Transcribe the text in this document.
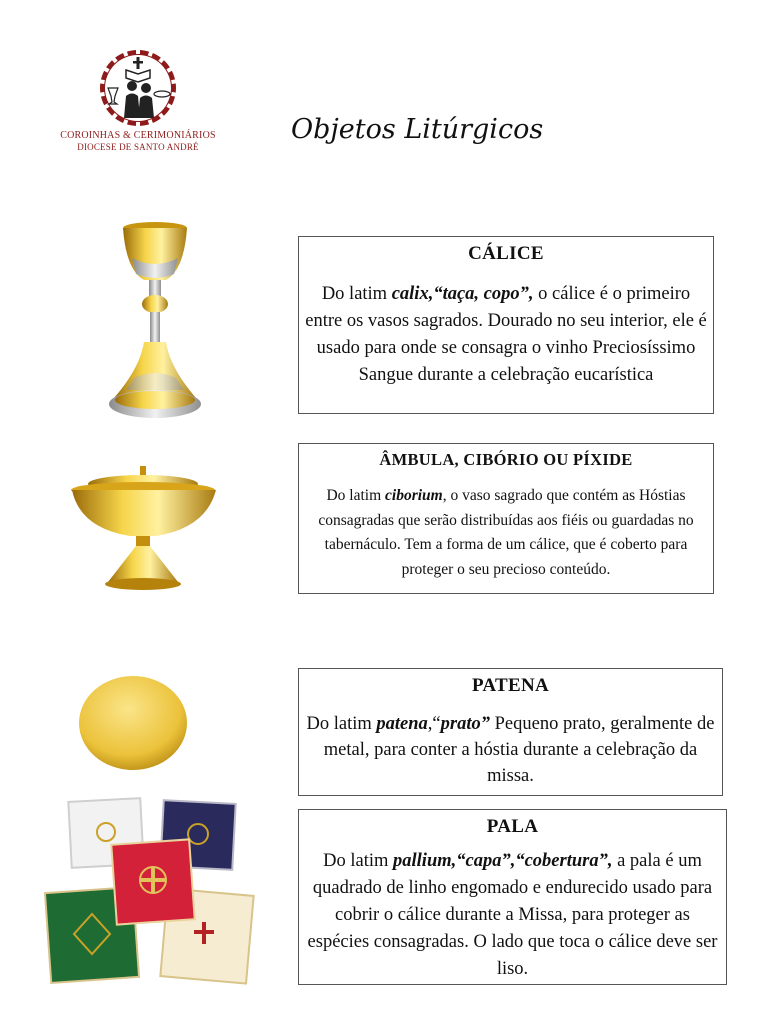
COROINHAS & CERIMONIÁRIOS
DIOCESE DE SANTO ANDRÉ
Objetos Litúrgicos
CÁLICE

Do latim calix,“taça, copo”, o cálice é o primeiro entre os vasos sagrados. Dourado no seu interior, ele é usado para onde se consagra o vinho Preciosíssimo Sangue durante a celebração eucarística

ÂMBULA, CIBÓRIO OU PÍXIDE

Do latim ciborium, o vaso sagrado que contém as Hóstias consagradas que serão distribuídas aos fiéis ou guardadas no tabernáculo. Tem a forma de um cálice, que é coberto para proteger o seu precioso conteúdo.

PATENA

Do latim patena,“prato” Pequeno prato, geralmente de metal, para conter a hóstia durante a celebração da missa.

PALA

Do latim pallium,“capa”,“cobertura”, a pala é um quadrado de linho engomado e endurecido usado para cobrir o cálice durante a Missa, para proteger as espécies consagradas. O lado que toca o cálice deve ser liso.
